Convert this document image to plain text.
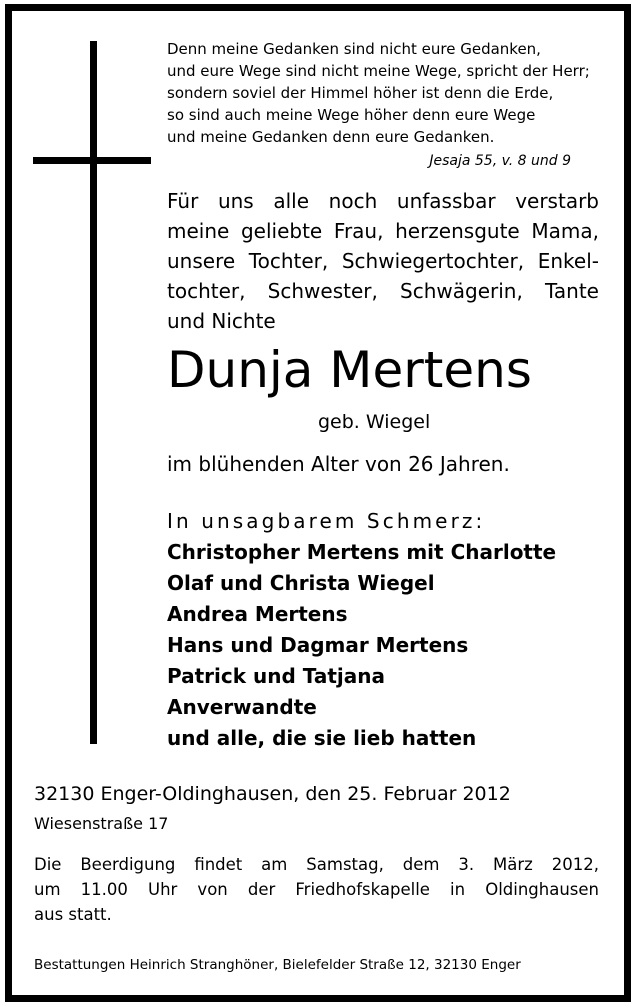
Denn meine Gedanken sind nicht eure Gedanken,
und eure Wege sind nicht meine Wege, spricht der Herr;
sondern soviel der Himmel höher ist denn die Erde,
so sind auch meine Wege höher denn eure Wege
und meine Gedanken denn eure Gedanken.
Jesaja 55, v. 8 und 9
Für uns alle noch unfassbar verstarb
meine geliebte Frau, herzensgute Mama,
unsere Tochter, Schwiegertochter, Enkel-
tochter, Schwester, Schwägerin, Tante
und Nichte
Dunja Mertens
geb. Wiegel
im blühenden Alter von 26 Jahren.
In unsagbarem Schmerz:
Christopher Mertens mit Charlotte
Olaf und Christa Wiegel
Andrea Mertens
Hans und Dagmar Mertens
Patrick und Tatjana
Anverwandte
und alle, die sie lieb hatten
32130 Enger-Oldinghausen, den 25. Februar 2012
Wiesenstraße 17
Die Beerdigung findet am Samstag, dem 3. März 2012,
um 11.00 Uhr von der Friedhofskapelle in Oldinghausen
aus statt.
Bestattungen Heinrich Stranghöner, Bielefelder Straße 12, 32130 Enger
